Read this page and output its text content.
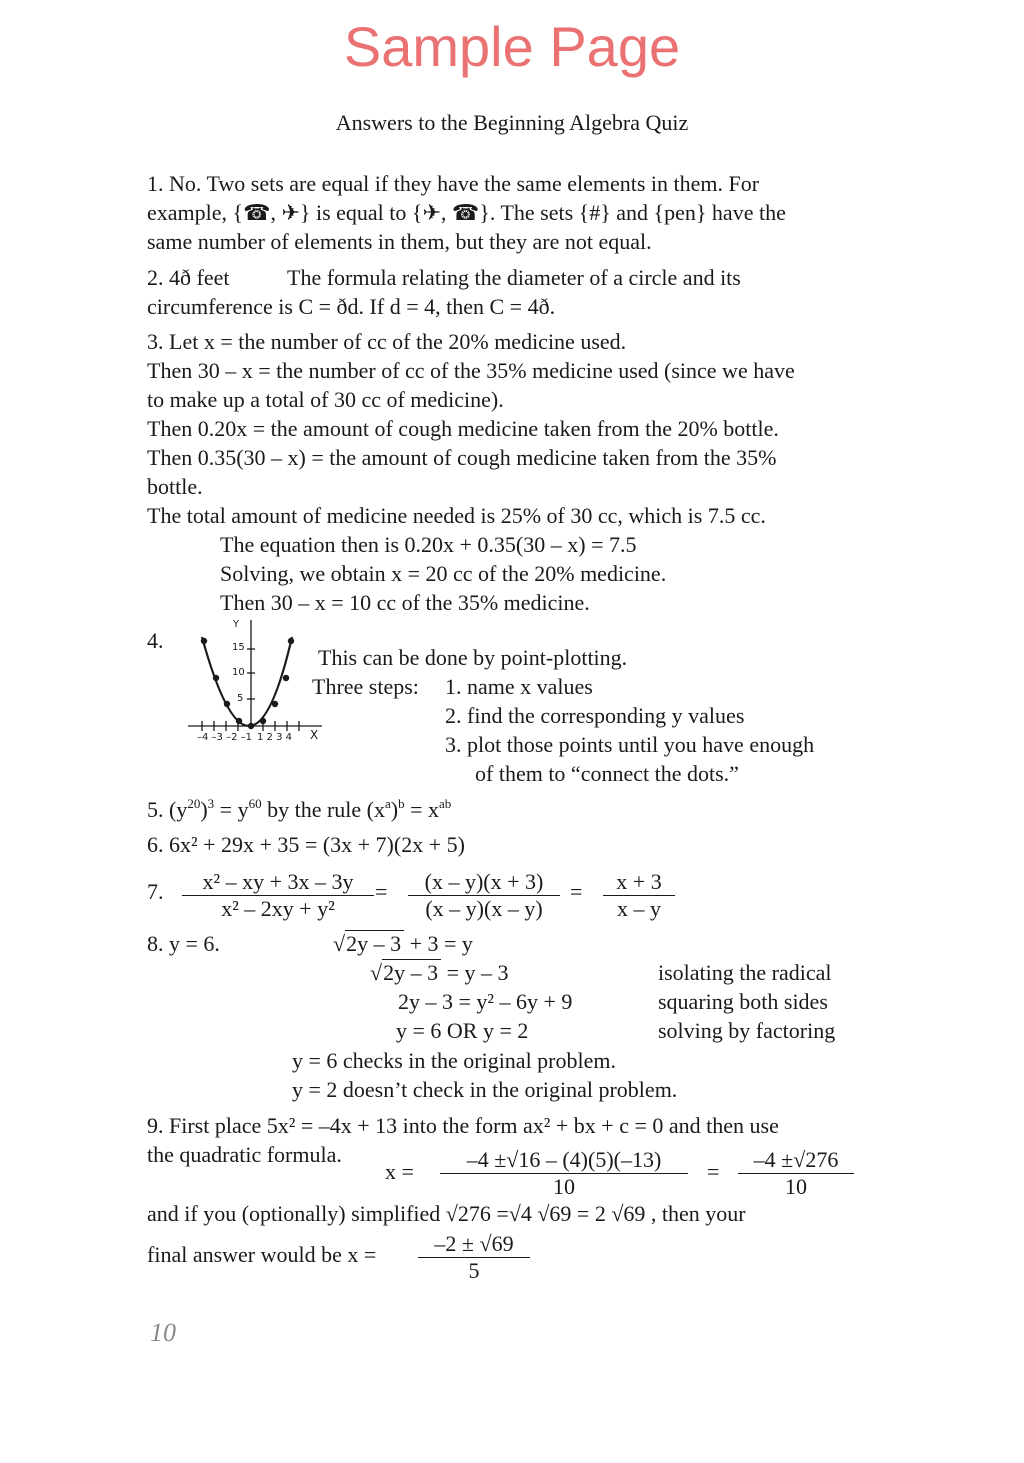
Sample Page
Answers to the Beginning Algebra Quiz
1. No. Two sets are equal if they have the same elements in them. For
example, {☎, ✈} is equal to {✈, ☎}. The sets {#} and {pen} have the
same number of elements in them, but they are not equal.
2. 4ð feet	The formula relating the diameter of a circle and its
circumference is C = ðd. If d = 4, then C = 4ð.
3. Let x = the number of cc of the 20% medicine used.
Then 30 – x = the number of cc of the 35% medicine used (since we have
to make up a total of 30 cc of medicine).
Then 0.20x = the amount of cough medicine taken from the 20% bottle.
Then 0.35(30 – x) = the amount of cough medicine taken from the 35%
bottle.
The total amount of medicine needed is 25% of 30 cc, which is 7.5 cc.
The equation then is 0.20x + 0.35(30 – x) = 7.5
Solving, we obtain x = 20 cc of the 20% medicine.
Then 30 – x = 10 cc of the 35% medicine.
4.
Y
15
10
5
–4 –3 –2 –1 1 2 3 4 X
This can be done by point-plotting.
Three steps: 1. name x values
2. find the corresponding y values
3. plot those points until you have enough
of them to “connect the dots.”
5. $(y^{20})^3 = y^{60}$ by the rule $(x^a)^b = x^{ab}$
6. 6x² + 29x + 35 = (3x + 7)(2x + 5)
7. $\frac{\text{x² – xy + 3x – 3y}}{\text{x² – 2xy + y²}} = \frac{(x - y)(x + 3)}{(x - y)(x - y)} = \frac{x + 3}{x - y}$
8. y = 6.	√2y – 3 + 3 = y
√2y – 3 = y – 3	isolating the radical
2y – 3 = y² – 6y + 9	squaring both sides
y = 6 OR y = 2	solving by factoring
y = 6 checks in the original problem.
y = 2 doesn’t check in the original problem.
9. First place 5x² = –4x + 13 into the form ax² + bx + c = 0 and then use
the quadratic formula.
$x = \frac{-4 \pm√16 - (4)(5)(-13)}{10} = \frac{-4 \pm√276}{10}$
and if you (optionally) simplified √276 =√4 √69 = 2 √69 , then your
final answer would be $x = \frac{-2 \pm √69}{5}$
10
